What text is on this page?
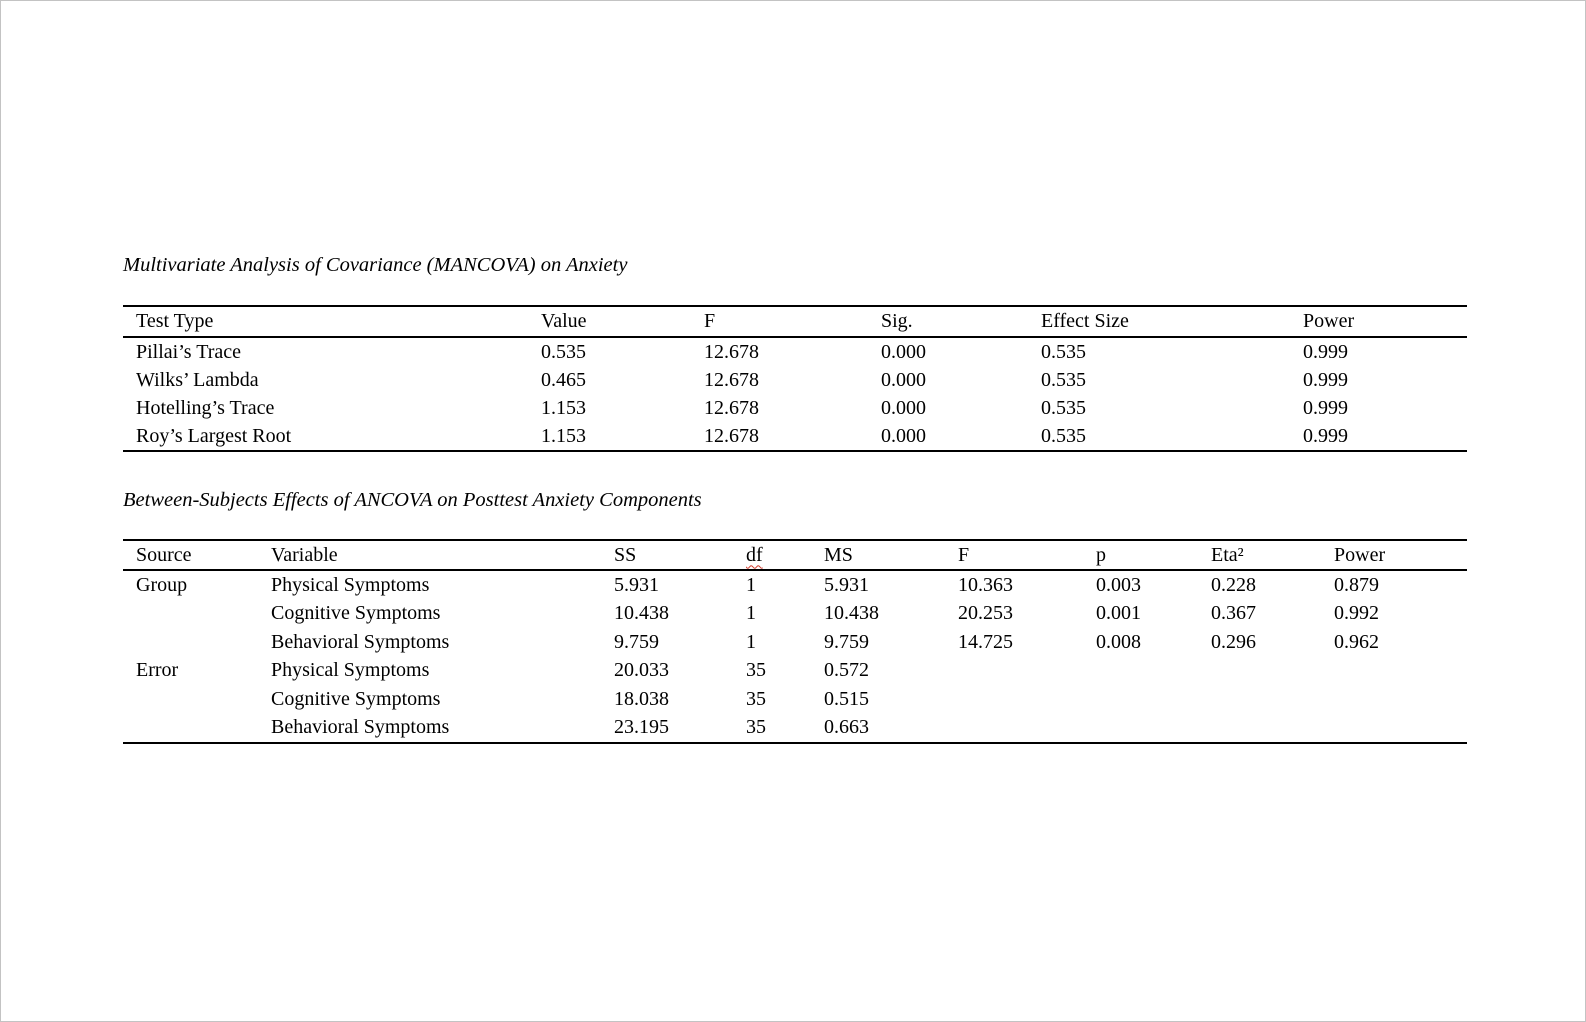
Multivariate Analysis of Covariance (MANCOVA) on Anxiety

Test Type	Value	F	Sig.	Effect Size	Power
Pillai’s Trace	0.535	12.678	0.000	0.535	0.999
Wilks’ Lambda	0.465	12.678	0.000	0.535	0.999
Hotelling’s Trace	1.153	12.678	0.000	0.535	0.999
Roy’s Largest Root	1.153	12.678	0.000	0.535	0.999

Between-Subjects Effects of ANCOVA on Posttest Anxiety Components

Source	Variable	SS	df	MS	F	p	Eta²	Power
Group	Physical Symptoms	5.931	1	5.931	10.363	0.003	0.228	0.879
	Cognitive Symptoms	10.438	1	10.438	20.253	0.001	0.367	0.992
	Behavioral Symptoms	9.759	1	9.759	14.725	0.008	0.296	0.962
Error	Physical Symptoms	20.033	35	0.572				
	Cognitive Symptoms	18.038	35	0.515				
	Behavioral Symptoms	23.195	35	0.663				
